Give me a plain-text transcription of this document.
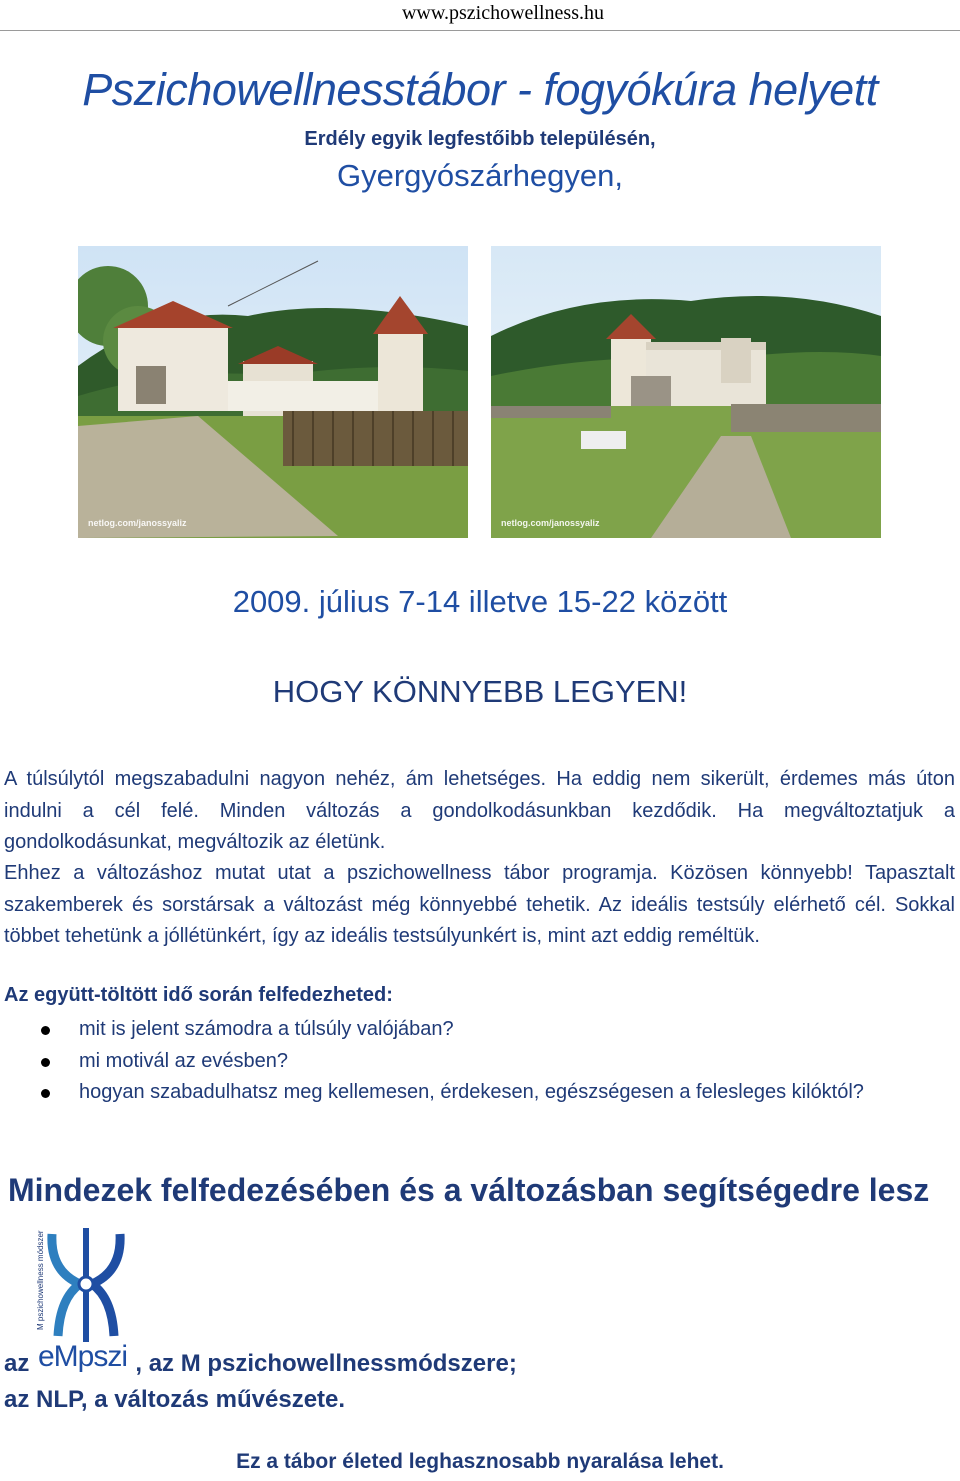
www.pszichowellness.hu
Pszichowellnesstábor - fogyókúra helyett
Erdély egyik legfestőibb településén,
Gyergyószárhegyen,
netlog.com/janossyaliz	netlog.com/janossyaliz
2009. július 7-14 illetve 15-22 között
HOGY KÖNNYEBB LEGYEN!
A túlsúlytól megszabadulni nagyon nehéz, ám lehetséges. Ha eddig nem sikerült, érdemes más úton indulni a cél felé. Minden változás a gondolkodásunkban kezdődik. Ha megváltoztatjuk a gondolkodásunkat, megváltozik az életünk.
Ehhez a változáshoz mutat utat a pszichowellness tábor programja. Közösen könnyebb! Tapasztalt szakemberek és sorstársak a változást még könnyebbé tehetik. Az ideális testsúly elérhető cél. Sokkal többet tehetünk a jóllétünkért, így az ideális testsúlyunkért is, mint azt eddig reméltük.
Az együtt-töltött idő során felfedezheted:
mit is jelent számodra a túlsúly valójában?
mi motivál az evésben?
hogyan szabadulhatsz meg kellemesen, érdekesen, egészségesen a felesleges kilóktól?
Mindezek felfedezésében és a változásban segítségedre lesz
M pszichowellness módszer
az	, az M pszichowellnessmódszere;
eMpszi
az NLP, a változás művészete.
Ez a tábor életed leghasznosabb nyaralása lehet.
